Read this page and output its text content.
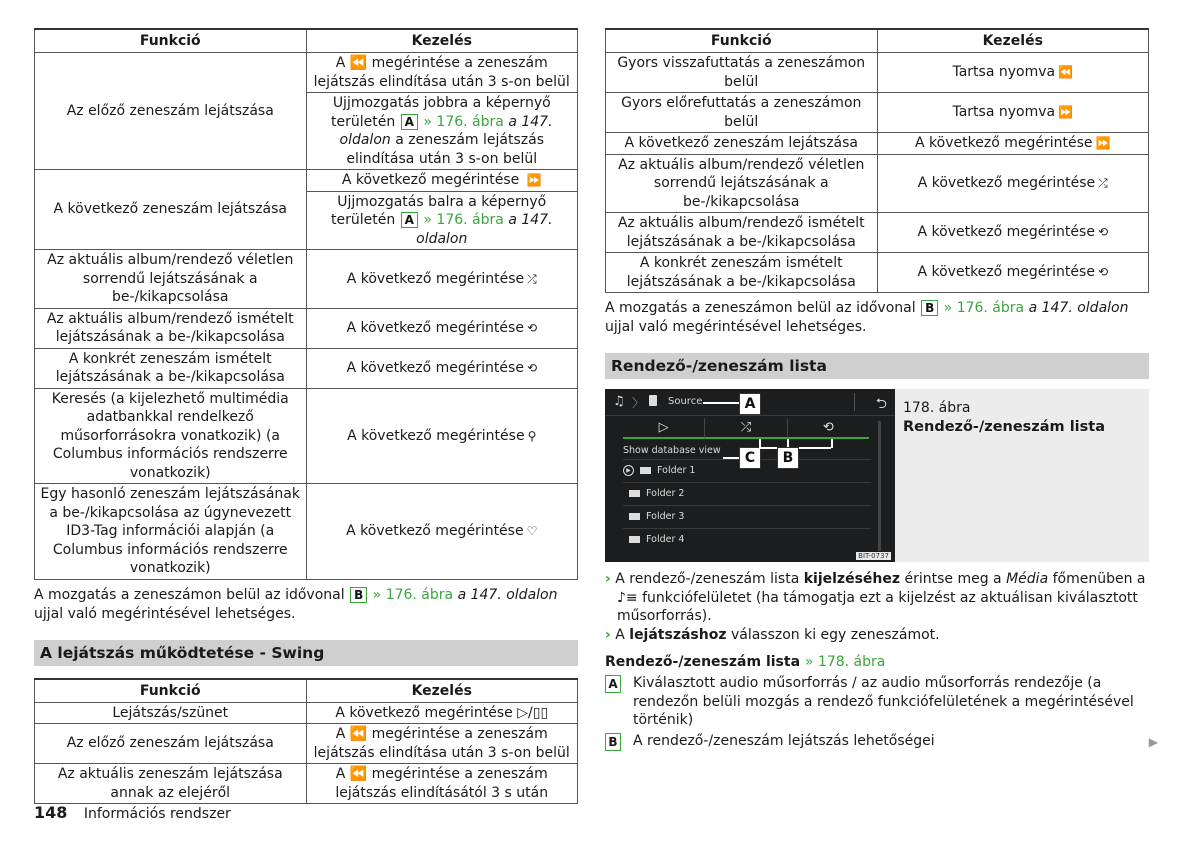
Funkció	Kezelés
Az előző zeneszám lejátszása	A ⏪ megérintése a zeneszám lejátszás elindítása után 3 s-on belül
	Ujjmozgatás jobbra a képernyő területén A » 176. ábra a 147. oldalon a zeneszám lejátszás elindítása után 3 s-on belül
A következő zeneszám lejátszása	A következő megérintése ⏩
	Ujjmozgatás balra a képernyő területén A » 176. ábra a 147. oldalon
Az aktuális album/rendező véletlen sorrendű lejátszásának a be-/kikapcsolása	A következő megérintése ⤮
Az aktuális album/rendező ismételt lejátszásának a be-/kikapcsolása	A következő megérintése ⟲
A konkrét zeneszám ismételt lejátszásának a be-/kikapcsolása	A következő megérintése ⟲
Keresés (a kijelezhető multimédia adatbankkal rendelkező műsorforrásokra vonatkozik) (a Columbus információs rendszerre vonatkozik)	A következő megérintése ⚲
Egy hasonló zeneszám lejátszásának a be-/kikapcsolása az úgynevezett ID3-Tag információi alapján (a Columbus információs rendszerre vonatkozik)	A következő megérintése ♡

A mozgatás a zeneszámon belül az idővonal B » 176. ábra a 147. oldalon ujjal való megérintésével lehetséges.

A lejátszás működtetése - Swing
Funkció	Kezelés
Lejátszás/szünet	A következő megérintése ▷/▯▯
Az előző zeneszám lejátszása	A ⏪ megérintése a zeneszám lejátszás elindítása után 3 s-on belül
Az aktuális zeneszám lejátszása annak az elejéről	A ⏪ megérintése a zeneszám lejátszás elindításától 3 s után
Funkció	Kezelés
Gyors visszafuttatás a zeneszámon belül	Tartsa nyomva ⏪
Gyors előrefuttatás a zeneszámon belül	Tartsa nyomva ⏩
A következő zeneszám lejátszása	A következő megérintése ⏩
Az aktuális album/rendező véletlen sorrendű lejátszásának a be-/kikapcsolása	A következő megérintése ⤮
Az aktuális album/rendező ismételt lejátszásának a be-/kikapcsolása	A következő megérintése ⟲
A konkrét zeneszám ismételt lejátszásának a be-/kikapcsolása	A következő megérintése ⟲

A mozgatás a zeneszámon belül az idővonal B » 176. ábra a 147. oldalon ujjal való megérintésével lehetséges.

Rendező-/zeneszám lista
♫ 〉 Source	⮌
▷	⤮	⟲
Show database view
▶	Folder 1
Folder 2
Folder 3
Folder 4
BIT-0737
A
C	B
178. ábra
Rendező-/zeneszám lista

› A rendező-/zeneszám lista kijelzéséhez érintse meg a Média főmenüben a ♪≡ funkciófelületet (ha támogatja ezt a kijelzést az aktuálisan kiválasztott műsorforrás).

› A lejátszáshoz válasszon ki egy zeneszámot.

Rendező-/zeneszám lista » 178. ábra
A Kiválasztott audio műsorforrás / az audio műsorforrás rendezője (a rendezőn belüli mozgás a rendező funkciófelületének a megérintésével történik)
B A rendező-/zeneszám lejátszás lehetőségei	▶
148 Információs rendszer
